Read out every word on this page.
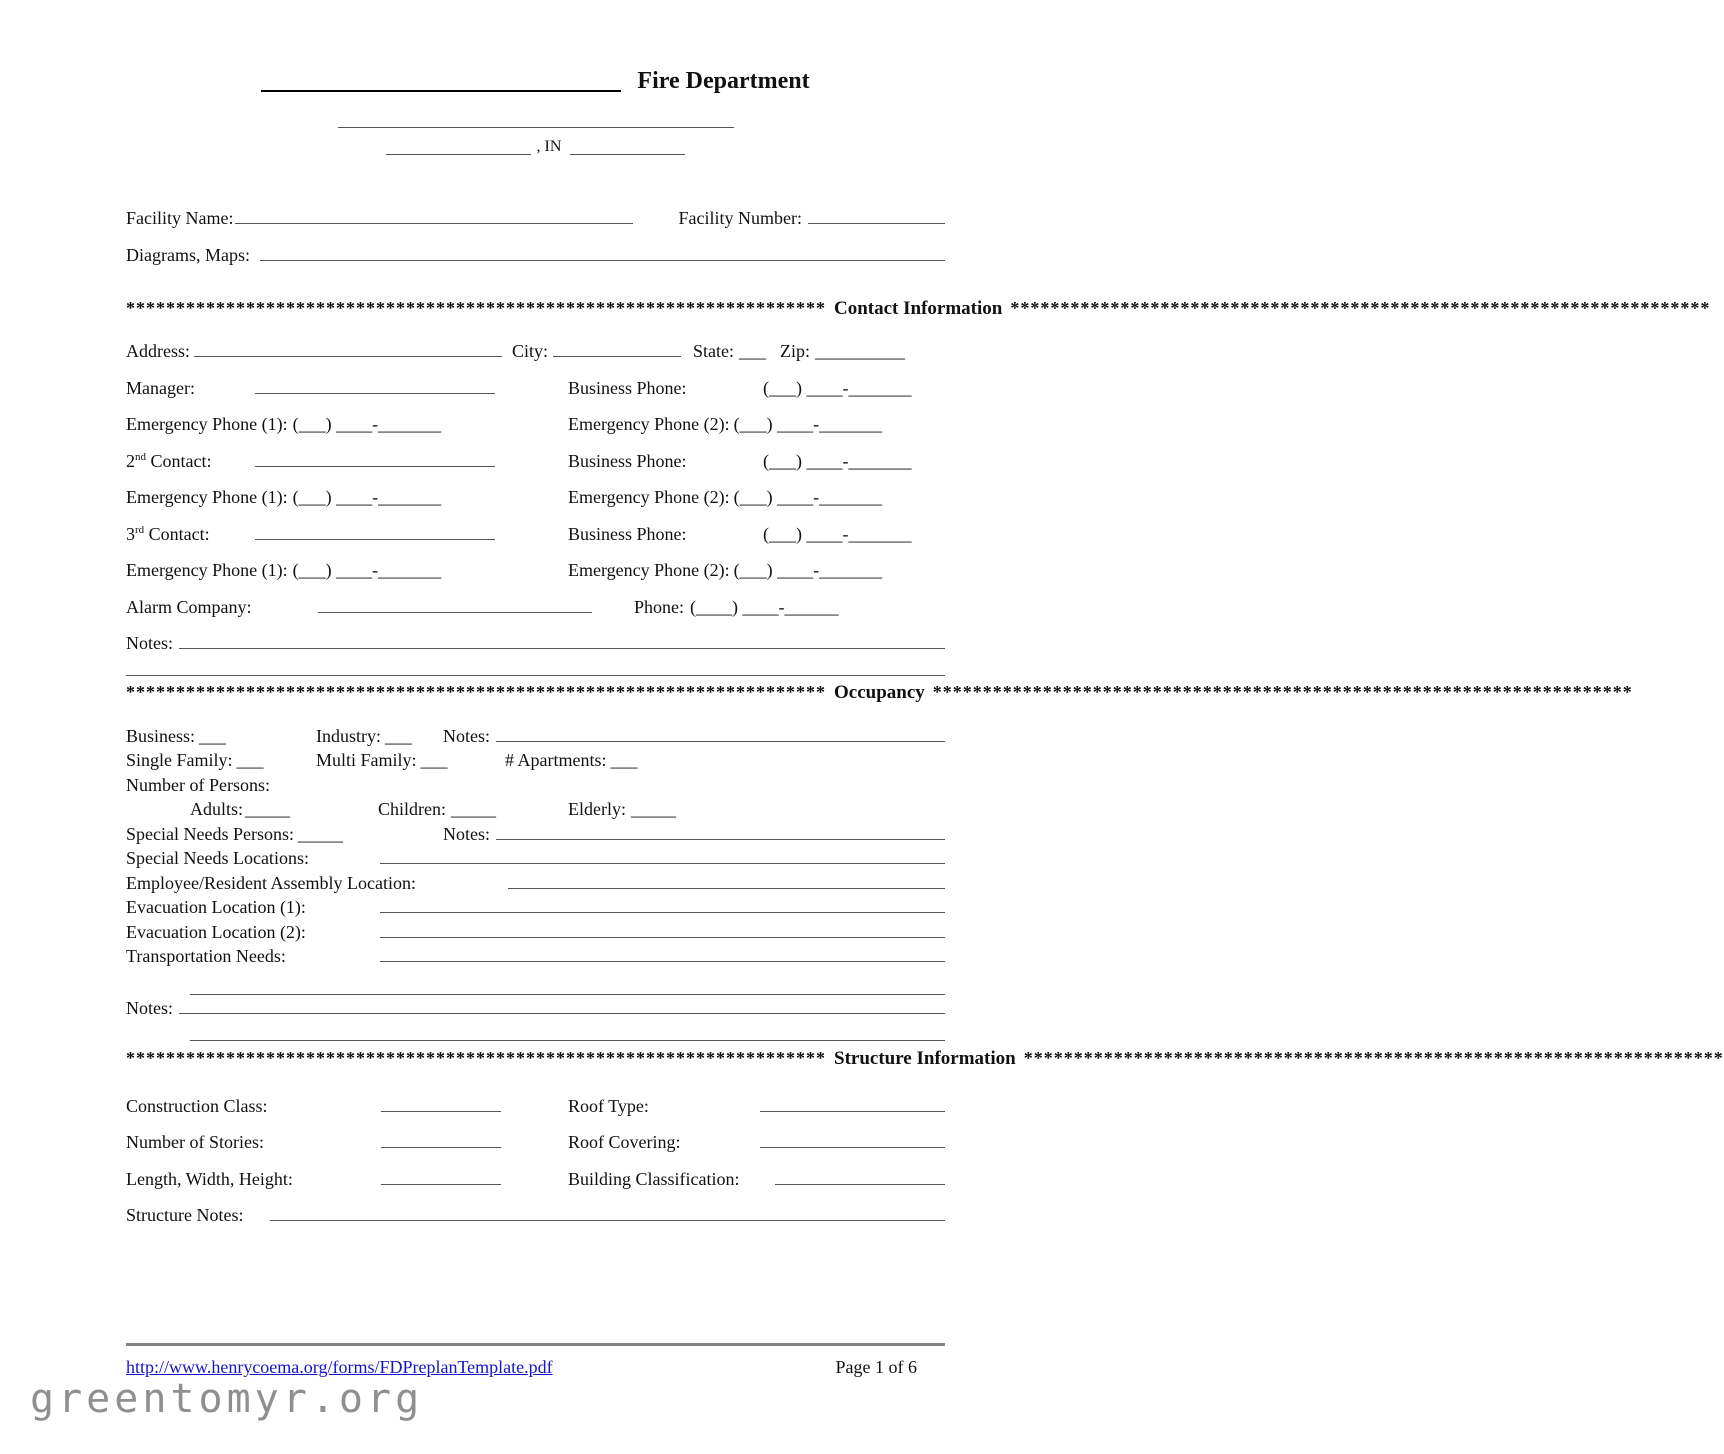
Fire Department
, IN
Facility Name:	Facility Number:
Diagrams, Maps:
********************************************************************** Contact Information **********************************************************************
Address:	City:	State: ___ Zip: __________
Manager:	Business Phone:	(___) ____-_______
Emergency Phone (1): (___) ____-_______	Emergency Phone (2): (___) ____-_______
2nd Contact:	Business Phone:	(___) ____-_______
Emergency Phone (1): (___) ____-_______	Emergency Phone (2): (___) ____-_______
3rd Contact:	Business Phone:	(___) ____-_______
Emergency Phone (1): (___) ____-_______	Emergency Phone (2): (___) ____-_______
Alarm Company:	Phone: (____) ____-______
Notes:
********************************************************************** Occupancy **********************************************************************
Business: ___	Industry: ___ Notes:
Single Family: ___	Multi Family: ___	# Apartments: ___
Number of Persons:
Adults: _____	Children: _____	Elderly: _____
Special Needs Persons: _____	Notes:
Special Needs Locations:
Employee/Resident Assembly Location:
Evacuation Location (1):
Evacuation Location (2):
Transportation Needs:
Notes:
********************************************************************** Structure Information **********************************************************************
Construction Class:	Roof Type:
Number of Stories:	Roof Covering:
Length, Width, Height:	Building Classification:
Structure Notes:
http://www.henrycoema.org/forms/FDPreplanTemplate.pdf	Page 1 of 6
greentomyr.org
